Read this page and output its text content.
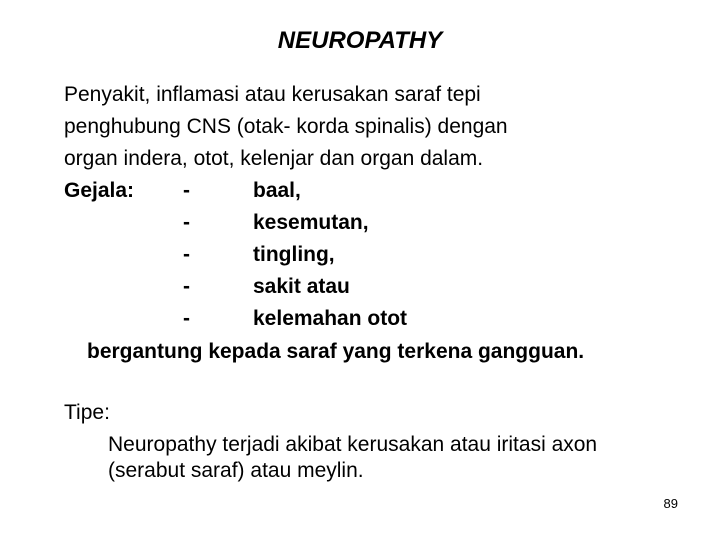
NEUROPATHY
Penyakit, inflamasi atau kerusakan saraf tepi
penghubung CNS (otak- korda spinalis) dengan
organ indera, otot, kelenjar dan organ dalam.
Gejala: -	baal,
-	kesemutan,
-	tingling,
-	sakit atau
-	kelemahan otot
bergantung kepada saraf yang terkena gangguan.
Tipe:
Neuropathy terjadi akibat kerusakan atau iritasi axon
(serabut saraf) atau meylin.
89
